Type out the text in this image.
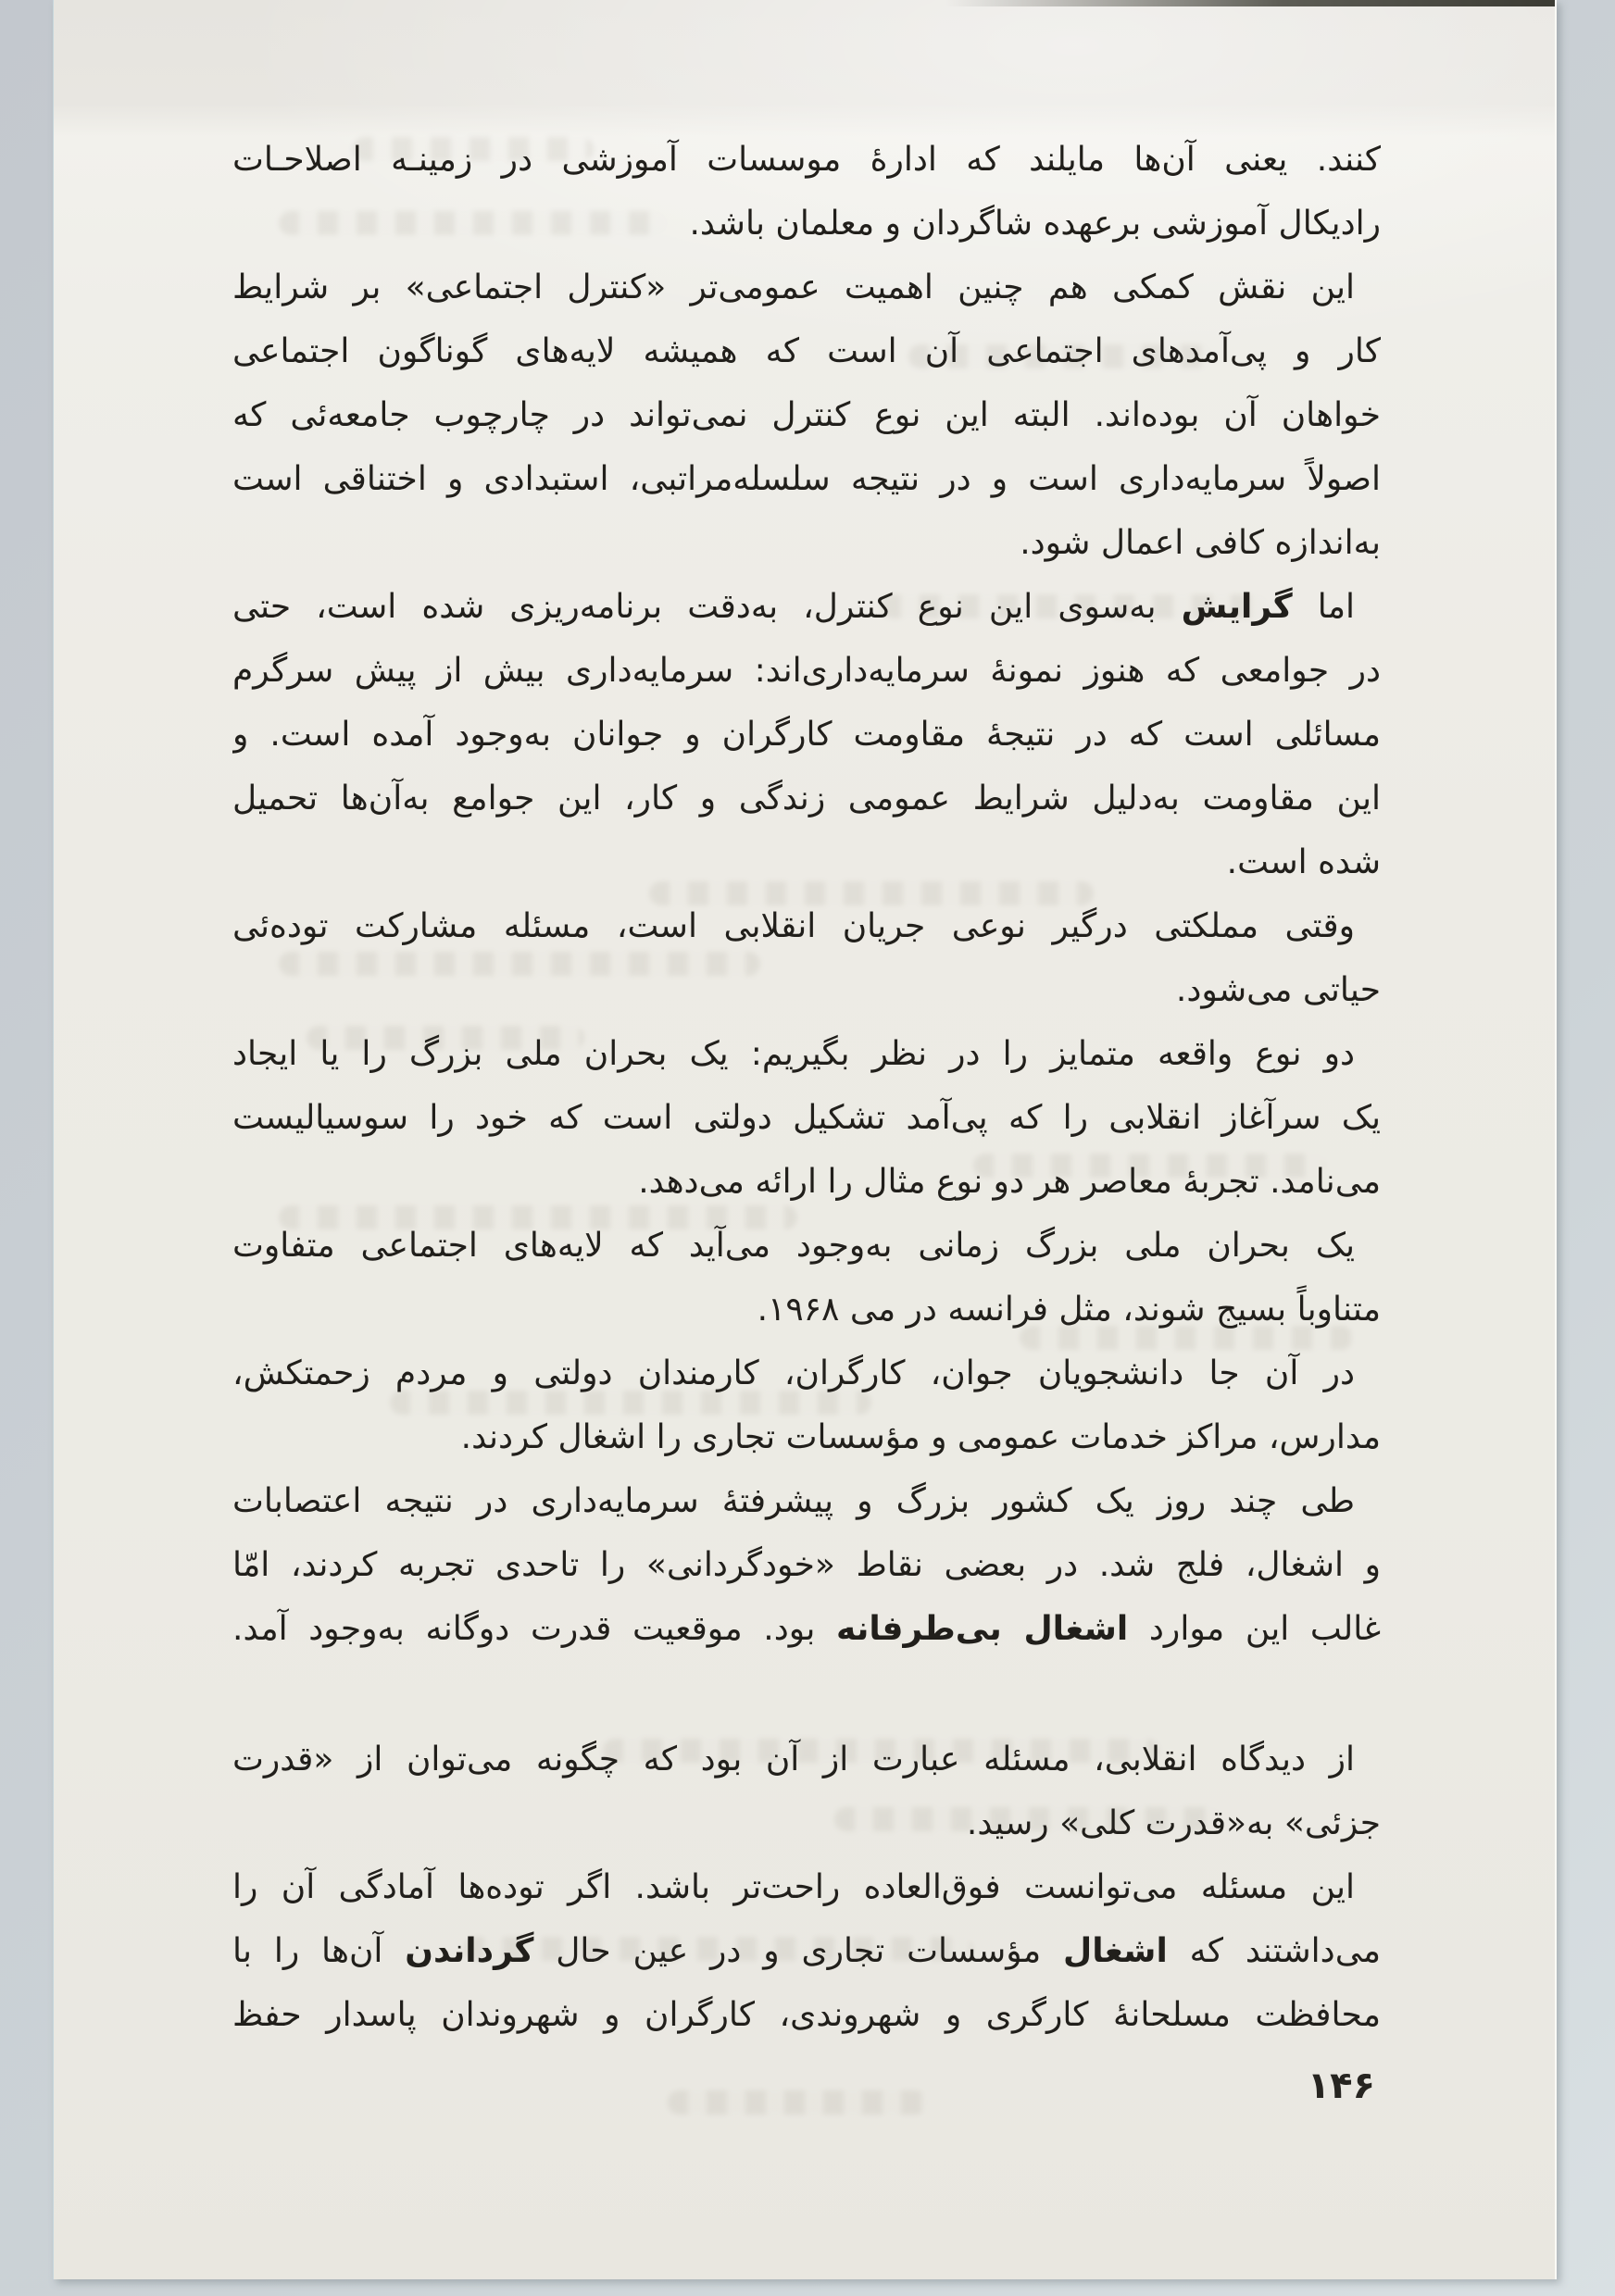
کنند. یعنی آن‌ها مایلند که ادارهٔ موسسات آموزشی در زمینـه اصلاحـات
رادیکال آموزشی برعهده شاگردان و معلمان باشد.

این نقش کمکی هم چنین اهمیت عمومی‌تر «کنترل اجتماعی» بر شرایط
کار و پی‌آمدهای اجتماعی آن است که همیشه لایه‌های گوناگون اجتماعی
خواهان آن بوده‌اند. البته این نوع کنترل نمی‌تواند در چارچوب جامعه‌ئی که
اصولاً سرمایه‌داری است و در نتیجه سلسله‌مراتبی، استبدادی و اختناقی است
به‌اندازه کافی اعمال شود.

اما گرایش به‌سوی این نوع کنترل، به‌دقت برنامه‌ریزی شده است، حتی
در جوامعی که هنوز نمونهٔ سرمایه‌داری‌اند: سرمایه‌داری بیش از پیش سرگرم
مسائلی است که در نتیجهٔ مقاومت کارگران و جوانان به‌وجود آمده است. و
این مقاومت به‌دلیل شرایط عمومی زندگی و کار، این جوامع به‌آن‌ها تحمیل
شده است.

وقتی مملکتی درگیر نوعی جریان انقلابی است، مسئله مشارکت توده‌ئی
حیاتی می‌شود.

دو نوع واقعه متمایز را در نظر بگیریم: یک بحران ملی بزرگ را یا ایجاد
یک سرآغاز انقلابی را که پی‌آمد تشکیل دولتی است که خود را سوسیالیست
می‌نامد. تجربهٔ معاصر هر دو نوع مثال را ارائه می‌دهد.

یک بحران ملی بزرگ زمانی به‌وجود می‌آید که لایه‌های اجتماعی متفاوت
متناوباً بسیج شوند، مثل فرانسه در می ۱۹۶۸.

در آن جا دانشجویان جوان، کارگران، کارمندان دولتی و مردم زحمتکش،
مدارس، مراکز خدمات عمومی و مؤسسات تجاری را اشغال کردند.

طی چند روز یک کشور بزرگ و پیشرفتهٔ سرمایه‌داری در نتیجه اعتصابات
و اشغال، فلج شد. در بعضی نقاط «خودگردانی» را تاحدی تجربه کردند، امّا
غالب این موارد اشغال بی‌طرفانه بود. موقعیت قدرت دوگانه به‌وجود آمد.

از دیدگاه انقلابی، مسئله عبارت از آن بود که چگونه می‌توان از «قدرت
جزئی» به«قدرت کلی» رسید.

این مسئله می‌توانست فوق‌العاده راحت‌تر باشد. اگر توده‌ها آمادگی آن را
می‌داشتند که اشغال مؤسسات تجاری و در عین حال گرداندن آن‌ها را با
محافظت مسلحانهٔ کارگری و شهروندی، کارگران و شهروندان پاسدار حفظ

۱۴۶
